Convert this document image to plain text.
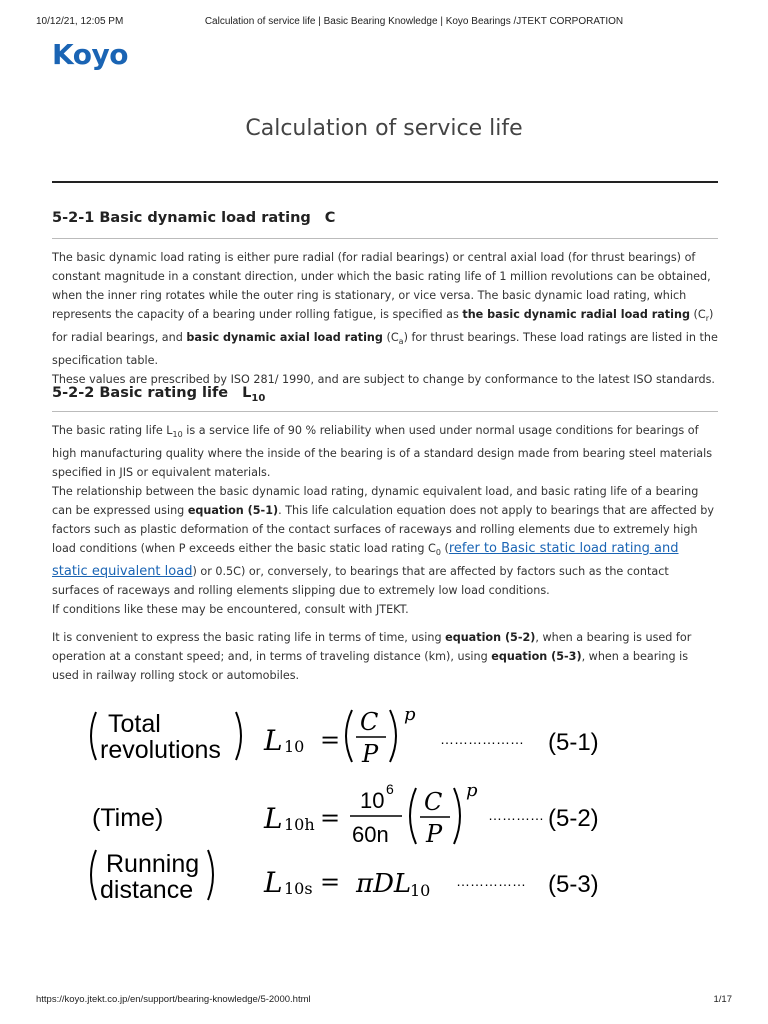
10/12/21, 12:05 PM	Calculation of service life | Basic Bearing Knowledge | Koyo Bearings /JTEKT CORPORATION
Koyo
Calculation of service life
5-2-1 Basic dynamic load rating C

The basic dynamic load rating is either pure radial (for radial bearings) or central axial load (for thrust bearings) of constant magnitude in a constant direction, under which the basic rating life of 1 million revolutions can be obtained, when the inner ring rotates while the outer ring is stationary, or vice versa. The basic dynamic load rating, which represents the capacity of a bearing under rolling fatigue, is specified as the basic dynamic radial load rating $(C_r)$ for radial bearings, and basic dynamic axial load rating $(C_a)$ for thrust bearings. These load ratings are listed in the specification table.
These values are prescribed by ISO 281/ 1990, and are subject to change by conformance to the latest ISO standards.

5-2-2 Basic rating life $L_{10}$

The basic rating life $L_{10}$ is a service life of 90 % reliability when used under normal usage conditions for bearings of high manufacturing quality where the inside of the bearing is of a standard design made from bearing steel materials specified in JIS or equivalent materials.
The relationship between the basic dynamic load rating, dynamic equivalent load, and basic rating life of a bearing can be expressed using equation (5-1). This life calculation equation does not apply to bearings that are affected by factors such as plastic deformation of the contact surfaces of raceways and rolling elements due to extremely high load conditions (when P exceeds either the basic static load rating $C_0$ (refer to Basic static load rating and static equivalent load) or 0.5C) or, conversely, to bearings that are affected by factors such as the contact surfaces of raceways and rolling elements slipping due to extremely low load conditions.
If conditions like these may be encountered, consult with JTEKT.

It is convenient to express the basic rating life in terms of time, using equation (5-2), when a bearing is used for operation at a constant speed; and, in terms of traveling distance (km), using equation (5-3), when a bearing is used in railway rolling stock or automobiles.

Total
revolutions L 10 =
C
P
p
……………… (5-1)
(Time)	L 10h =
10 6
60n
C
P
p
………… (5-2)
Running
distance	L 10s = πDL
10 …………… (5-3)
https://koyo.jtekt.co.jp/en/support/bearing-knowledge/5-2000.html	1/17
